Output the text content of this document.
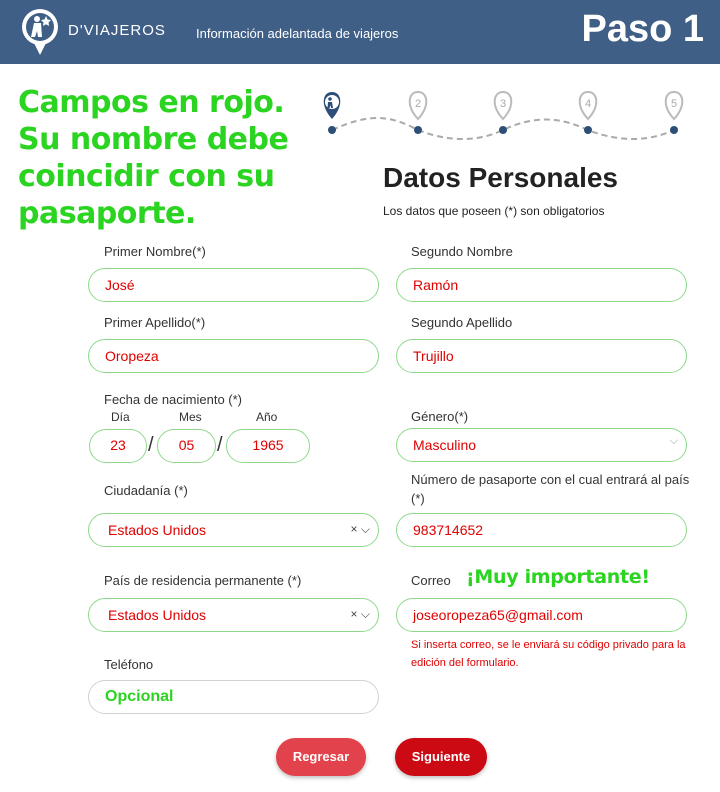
D'VIAJEROS Información adelantada de viajeros	Paso 1
Campos en rojo. Su nombre debe coincidir con su pasaporte.
2	3	4	5
Datos Personales
Los datos que poseen (*) son obligatorios
Primer Nombre(*)
José
Segundo Nombre
Ramón
Primer Apellido(*)
Oropeza
Segundo Apellido
Trujillo
Fecha de nacimiento (*)
Día	Mes	Año
23	/	05	/	1965
Género(*)
Masculino	⌵
Ciudadanía (*)
Estados Unidos	× ⌵
Número de pasaporte con el cual entrará al país (*)
983714652
País de residencia permanente (*)
Estados Unidos	× ⌵
Correo ¡Muy importante!
joseoropeza65@gmail.com
Si inserta correo, se le enviará su código privado para la edición del formulario.
Teléfono
Opcional
Regresar	Siguiente
